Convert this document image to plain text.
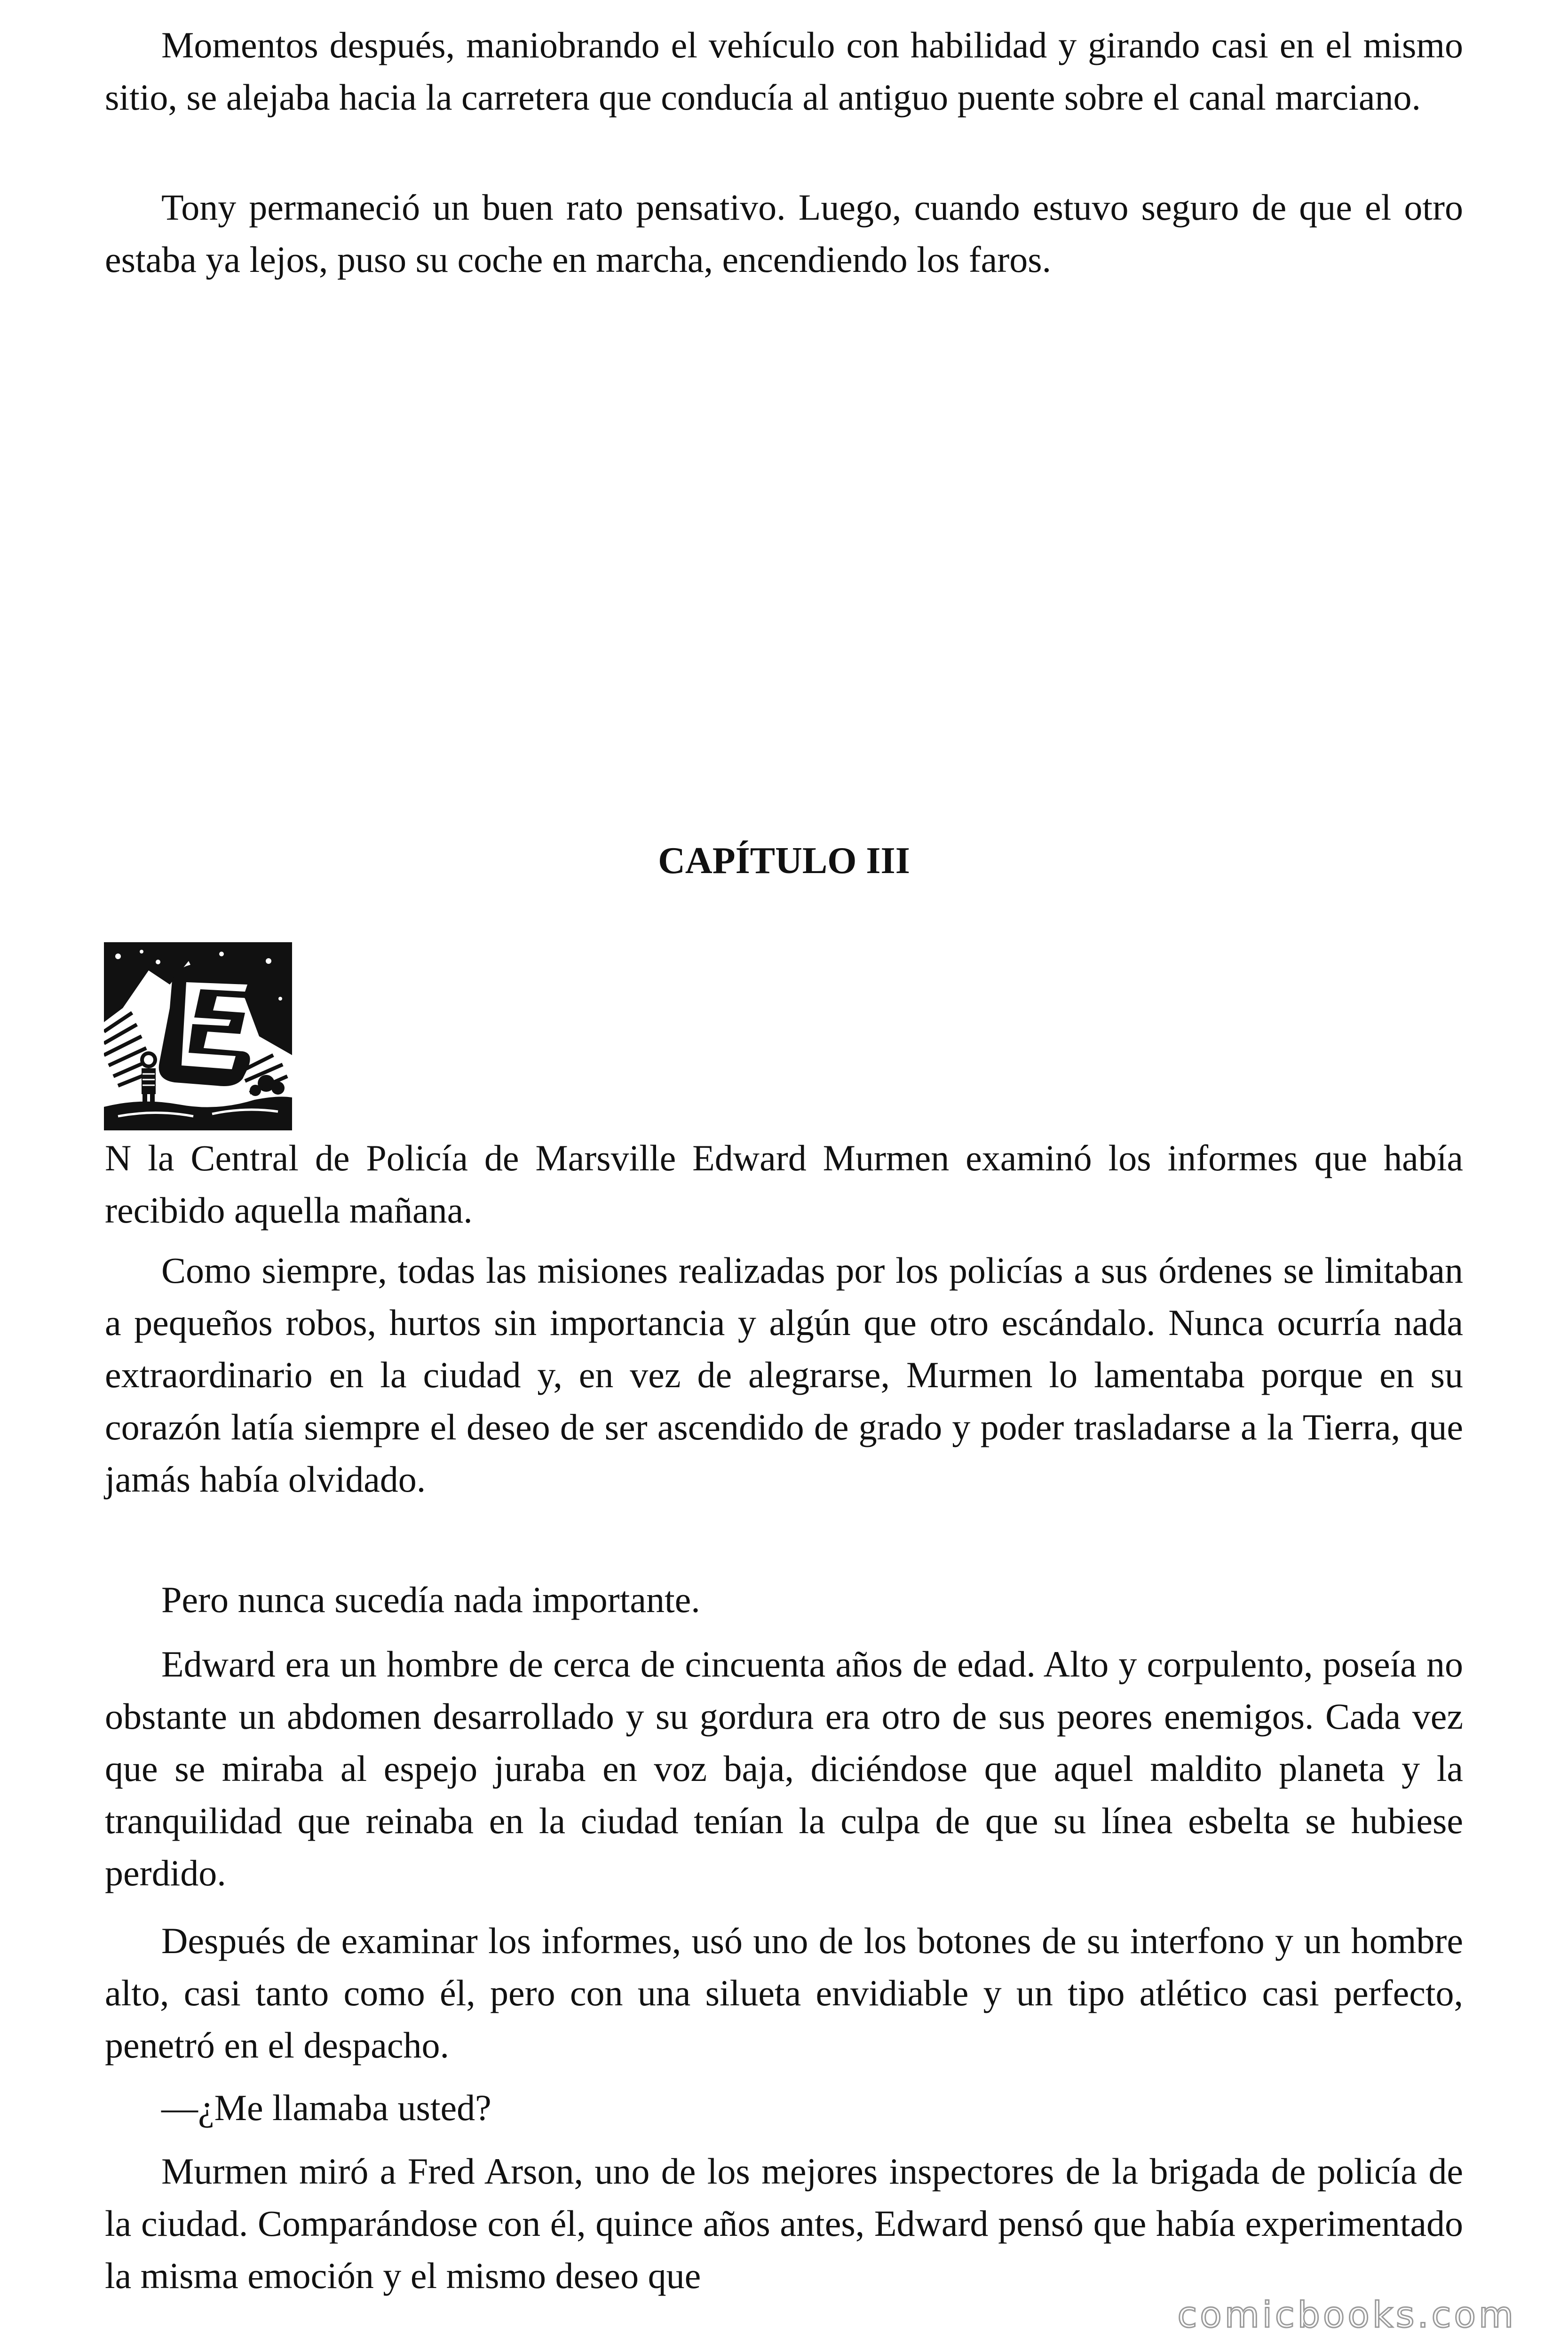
Momentos después, maniobrando el vehículo con habilidad y girando casi en el mismo sitio, se alejaba hacia la carretera que conducía al antiguo puente sobre el canal marciano.

Tony permaneció un buen rato pensativo. Luego, cuando estuvo seguro de que el otro estaba ya lejos, puso su coche en marcha, encendiendo los faros.

CAPÍTULO III

N la Central de Policía de Marsville Edward Murmen examinó los informes que había recibido aquella mañana.

Como siempre, todas las misiones realizadas por los policías a sus órdenes se limitaban a pequeños robos, hurtos sin importancia y algún que otro escándalo. Nunca ocurría nada extraordinario en la ciudad y, en vez de alegrarse, Murmen lo lamentaba porque en su corazón latía siempre el deseo de ser ascendido de grado y poder trasladarse a la Tierra, que jamás había olvidado.

Pero nunca sucedía nada importante.

Edward era un hombre de cerca de cincuenta años de edad. Alto y corpulento, poseía no obstante un abdomen desarrollado y su gordura era otro de sus peores enemigos. Cada vez que se miraba al espejo juraba en voz baja, diciéndose que aquel maldito planeta y la tranquilidad que reinaba en la ciudad tenían la culpa de que su línea esbelta se hubiese perdido.

Después de examinar los informes, usó uno de los botones de su interfono y un hombre alto, casi tanto como él, pero con una silueta envidiable y un tipo atlético casi perfecto, penetró en el despacho.

—¿Me llamaba usted?

Murmen miró a Fred Arson, uno de los mejores inspectores de la brigada de policía de la ciudad. Comparándose con él, quince años antes, Edward pensó que había experimentado la misma emoción y el mismo deseo que

comicbooks.com
